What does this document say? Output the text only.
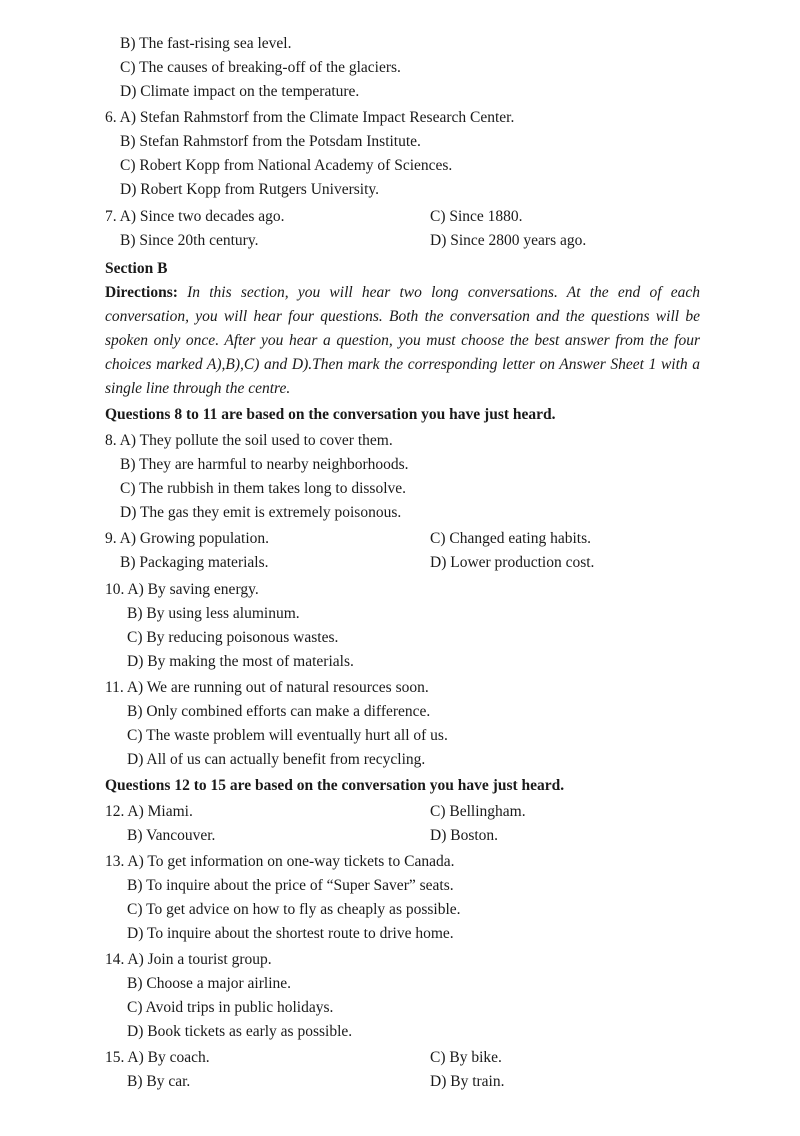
B) The fast-rising sea level.
C) The causes of breaking-off of the glaciers.
D) Climate impact on the temperature.
6. A) Stefan Rahmstorf from the Climate Impact Research Center.
B) Stefan Rahmstorf from the Potsdam Institute.
C) Robert Kopp from National Academy of Sciences.
D) Robert Kopp from Rutgers University.
7. A) Since two decades ago.	C) Since 1880.
B) Since 20th century.	D) Since 2800 years ago.
Section B
Directions: In this section, you will hear two long conversations. At the end of each conversation, you will hear four questions. Both the conversation and the questions will be spoken only once. After you hear a question, you must choose the best answer from the four choices marked A),B),C) and D).Then mark the corresponding letter on Answer Sheet 1 with a single line through the centre.
Questions 8 to 11 are based on the conversation you have just heard.
8. A) They pollute the soil used to cover them.
B) They are harmful to nearby neighborhoods.
C) The rubbish in them takes long to dissolve.
D) The gas they emit is extremely poisonous.
9. A) Growing population.	C) Changed eating habits.
B) Packaging materials.	D) Lower production cost.
10. A) By saving energy.
B) By using less aluminum.
C) By reducing poisonous wastes.
D) By making the most of materials.
11. A) We are running out of natural resources soon.
B) Only combined efforts can make a difference.
C) The waste problem will eventually hurt all of us.
D) All of us can actually benefit from recycling.
Questions 12 to 15 are based on the conversation you have just heard.
12. A) Miami.	C) Bellingham.
B) Vancouver.	D) Boston.
13. A) To get information on one-way tickets to Canada.
B) To inquire about the price of “Super Saver” seats.
C) To get advice on how to fly as cheaply as possible.
D) To inquire about the shortest route to drive home.
14. A) Join a tourist group.
B) Choose a major airline.
C) Avoid trips in public holidays.
D) Book tickets as early as possible.
15. A) By coach.	C) By bike.
B) By car.	D) By train.
